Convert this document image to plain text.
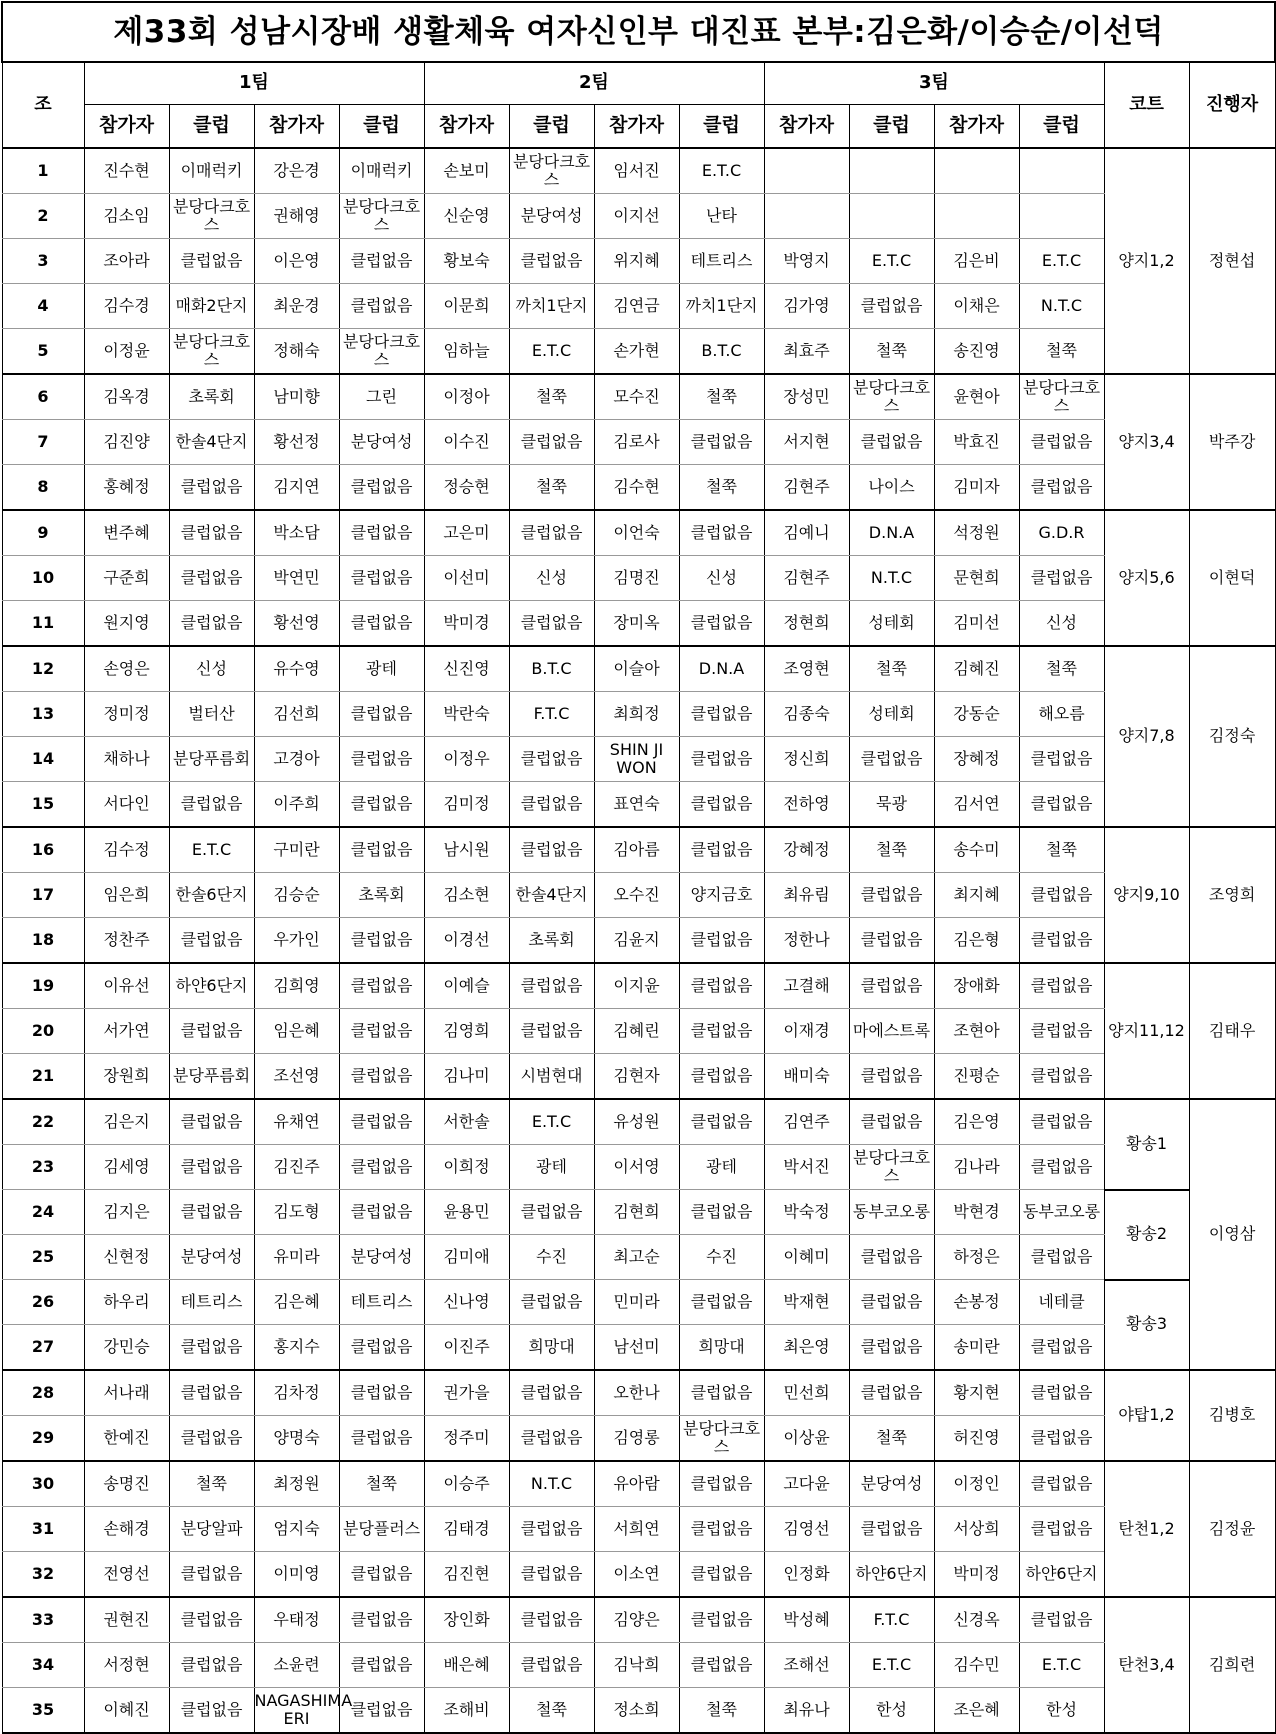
제33회 성남시장배 생활체육 여자신인부 대진표 본부:김은화/이승순/이선덕														
조	1팀				2팀				3팀				코트	진행자
	참가자	클럽	참가자	클럽	참가자	클럽	참가자	클럽	참가자	클럽	참가자	클럽		
1	진수현	이매럭키	강은경	이매럭키	손보미	분당다크호스	임서진	E.T.C					양지1,2	정현섭
2	김소임	분당다크호스	권해영	분당다크호스	신순영	분당여성	이지선	난타						
3	조아라	클럽없음	이은영	클럽없음	황보숙	클럽없음	위지혜	테트리스	박영지	E.T.C	김은비	E.T.C		
4	김수경	매화2단지	최운경	클럽없음	이문희	까치1단지	김연금	까치1단지	김가영	클럽없음	이채은	N.T.C		
5	이정윤	분당다크호스	정해숙	분당다크호스	임하늘	E.T.C	손가현	B.T.C	최효주	철쭉	송진영	철쭉		
6	김옥경	초록회	남미향	그린	이정아	철쭉	모수진	철쭉	장성민	분당다크호스	윤현아	분당다크호스	양지3,4	박주강
7	김진양	한솔4단지	황선정	분당여성	이수진	클럽없음	김로사	클럽없음	서지현	클럽없음	박효진	클럽없음		
8	홍혜정	클럽없음	김지연	클럽없음	정승현	철쭉	김수현	철쭉	김현주	나이스	김미자	클럽없음		
9	변주혜	클럽없음	박소담	클럽없음	고은미	클럽없음	이언숙	클럽없음	김예니	D.N.A	석정원	G.D.R	양지5,6	이현덕
10	구준희	클럽없음	박연민	클럽없음	이선미	신성	김명진	신성	김현주	N.T.C	문현희	클럽없음		
11	원지영	클럽없음	황선영	클럽없음	박미경	클럽없음	장미옥	클럽없음	정현희	성테회	김미선	신성		
12	손영은	신성	유수영	광테	신진영	B.T.C	이슬아	D.N.A	조영현	철쭉	김혜진	철쭉	양지7,8	김정숙
13	정미정	벌터산	김선희	클럽없음	박란숙	F.T.C	최희정	클럽없음	김종숙	성테회	강동순	해오름		
14	채하나	분당푸름회	고경아	클럽없음	이정우	클럽없음	SHIN JI WON	클럽없음	정신희	클럽없음	장혜정	클럽없음		
15	서다인	클럽없음	이주희	클럽없음	김미정	클럽없음	표연숙	클럽없음	전하영	묵광	김서연	클럽없음		
16	김수정	E.T.C	구미란	클럽없음	남시원	클럽없음	김아름	클럽없음	강혜정	철쭉	송수미	철쭉	양지9,10	조영희
17	임은희	한솔6단지	김승순	초록회	김소현	한솔4단지	오수진	양지금호	최유림	클럽없음	최지혜	클럽없음		
18	정찬주	클럽없음	우가인	클럽없음	이경선	초록회	김윤지	클럽없음	정한나	클럽없음	김은형	클럽없음		
19	이유선	하얀6단지	김희영	클럽없음	이예슬	클럽없음	이지윤	클럽없음	고결해	클럽없음	장애화	클럽없음	양지11,12	김태우
20	서가연	클럽없음	임은혜	클럽없음	김영희	클럽없음	김혜린	클럽없음	이재경	마에스트록	조현아	클럽없음		
21	장원희	분당푸름회	조선영	클럽없음	김나미	시범현대	김현자	클럽없음	배미숙	클럽없음	진평순	클럽없음		
22	김은지	클럽없음	유채연	클럽없음	서한솔	E.T.C	유성원	클럽없음	김연주	클럽없음	김은영	클럽없음	황송1	이영삼
23	김세영	클럽없음	김진주	클럽없음	이희정	광테	이서영	광테	박서진	분당다크호스	김나라	클럽없음		
24	김지은	클럽없음	김도형	클럽없음	윤용민	클럽없음	김현희	클럽없음	박숙정	동부코오롱	박현경	동부코오롱	황송2	
25	신현정	분당여성	유미라	분당여성	김미애	수진	최고순	수진	이혜미	클럽없음	하정은	클럽없음		
26	하우리	테트리스	김은혜	테트리스	신나영	클럽없음	민미라	클럽없음	박재현	클럽없음	손봉정	네테클	황송3	
27	강민승	클럽없음	홍지수	클럽없음	이진주	희망대	남선미	희망대	최은영	클럽없음	송미란	클럽없음		
28	서나래	클럽없음	김차정	클럽없음	권가을	클럽없음	오한나	클럽없음	민선희	클럽없음	황지현	클럽없음	야탑1,2	김병호
29	한예진	클럽없음	양명숙	클럽없음	정주미	클럽없음	김영롱	분당다크호스	이상윤	철쭉	허진영	클럽없음		
30	송명진	철쭉	최정원	철쭉	이승주	N.T.C	유아람	클럽없음	고다윤	분당여성	이정인	클럽없음	탄천1,2	김정윤
31	손해경	분당알파	엄지숙	분당플러스	김태경	클럽없음	서희연	클럽없음	김영선	클럽없음	서상희	클럽없음		
32	전영선	클럽없음	이미영	클럽없음	김진현	클럽없음	이소연	클럽없음	인정화	하얀6단지	박미정	하얀6단지		
33	권현진	클럽없음	우태정	클럽없음	장인화	클럽없음	김양은	클럽없음	박성혜	F.T.C	신경옥	클럽없음	탄천3,4	김희련
34	서정현	클럽없음	소윤련	클럽없음	배은혜	클럽없음	김낙희	클럽없음	조해선	E.T.C	김수민	E.T.C		
35	이혜진	클럽없음	NAGASHIMA ERI	클럽없음	조해비	철쭉	정소희	철쭉	최유나	한성	조은혜	한성		
